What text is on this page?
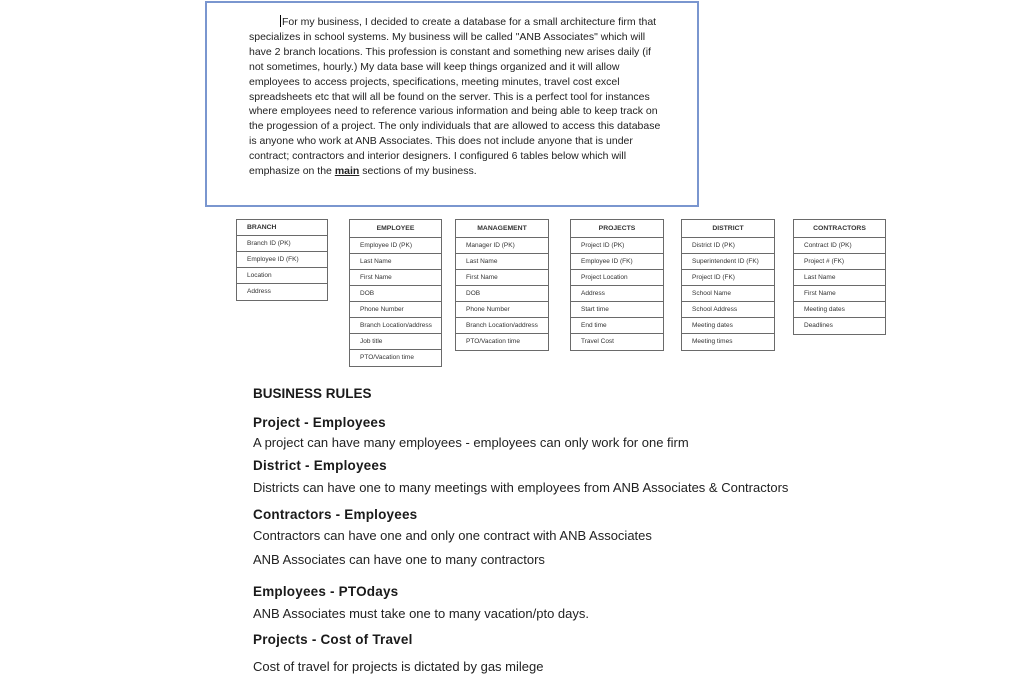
For my business, I decided to create a database for a small architecture firm that specializes in school systems. My business will be called "ANB Associates" which will have 2 branch locations. This profession is constant and something new arises daily (if not sometimes, hourly.) My data base will keep things organized and it will allow employees to access projects, specifications, meeting minutes, travel cost excel spreadsheets etc that will all be found on the server. This is a perfect tool for instances where employees need to reference various information and being able to keep track on the progession of a project. The only individuals that are allowed to access this database is anyone who work at ANB Associates. This does not include anyone that is under contract; contractors and interior designers. I configured 6 tables below which will emphasize on the main sections of my business.
BRANCH
Branch ID (PK)
Employee ID (FK)
Location
Address
EMPLOYEE
Employee ID (PK)
Last Name
First Name
DOB
Phone Number
Branch Location/address
Job title
PTO/Vacation time
MANAGEMENT
Manager ID (PK)
Last Name
First Name
DOB
Phone Number
Branch Location/address
PTO/Vacation time
PROJECTS
Project ID (PK)
Employee ID (FK)
Project Location
Address
Start time
End time
Travel Cost
DISTRICT
District ID (PK)
Superintendent ID (FK)
Project ID (FK)
School Name
School Address
Meeting dates
Meeting times
CONTRACTORS
Contract ID (PK)
Project # (FK)
Last Name
First Name
Meeting dates
Deadlines
BUSINESS RULES
Project - Employees
A project can have many employees - employees can only work for one firm
District - Employees
Districts can have one to many meetings with employees from ANB Associates & Contractors
Contractors - Employees
Contractors can have one and only one contract with ANB Associates
ANB Associates can have one to many contractors
Employees - PTOdays
ANB Associates must take one to many vacation/pto days.
Projects - Cost of Travel
Cost of travel for projects is dictated by gas milege
